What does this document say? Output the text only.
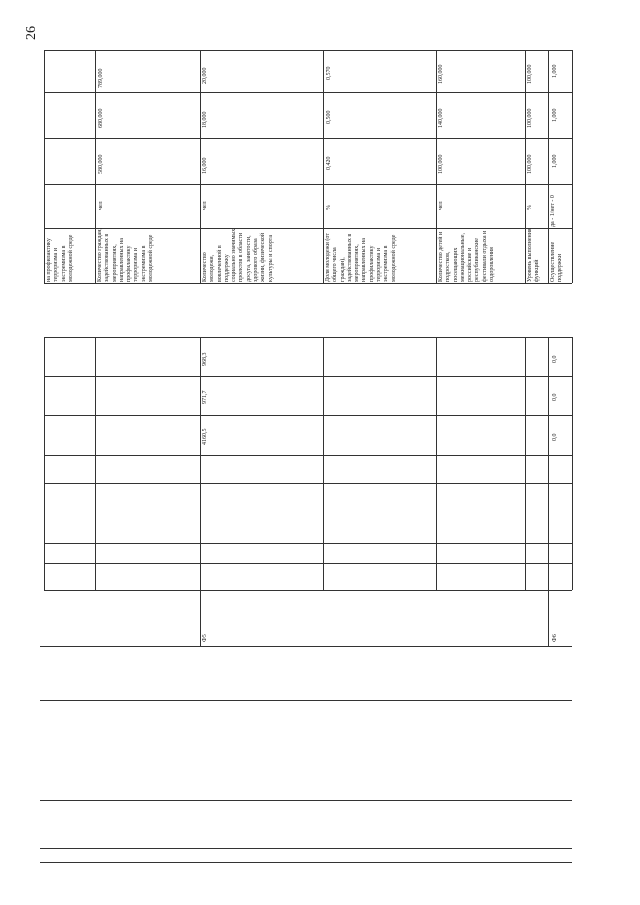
26
на профилактику терроризма и экстремизма в молодежной среде
789,000
Количество граждан, задействованных в мероприятиях, направленных на профилактику терроризма и экстремизма в молодежной среде
чел
580,000
680,000
Количество молодежи, вовлеченной в поддержку социально значимых проектов в области досуга, занятости, здорового образа жизни, физической культуры и спорта
чел
16,000
18,000
20,000
Доля молодежи (от общего числа граждан), задействованных в мероприятиях, направленных на профилактику терроризма и экстремизма в молодежной среде
%
0,420
0,500
0,570
Количество детей и подростков, посещающих межнациональные, российские и республиканские фестивали отдыха и оздоровления
чел
100,000
140,000
160,000
Уровень выполнения функций
%
100,000
100,000
100,000
Осуществление поддержки
да - 1/нет - 0
1,000
1,000
1,000
4160,5
971,7
968,3
0,0
0,0
0,0
Ф5	Ф6
